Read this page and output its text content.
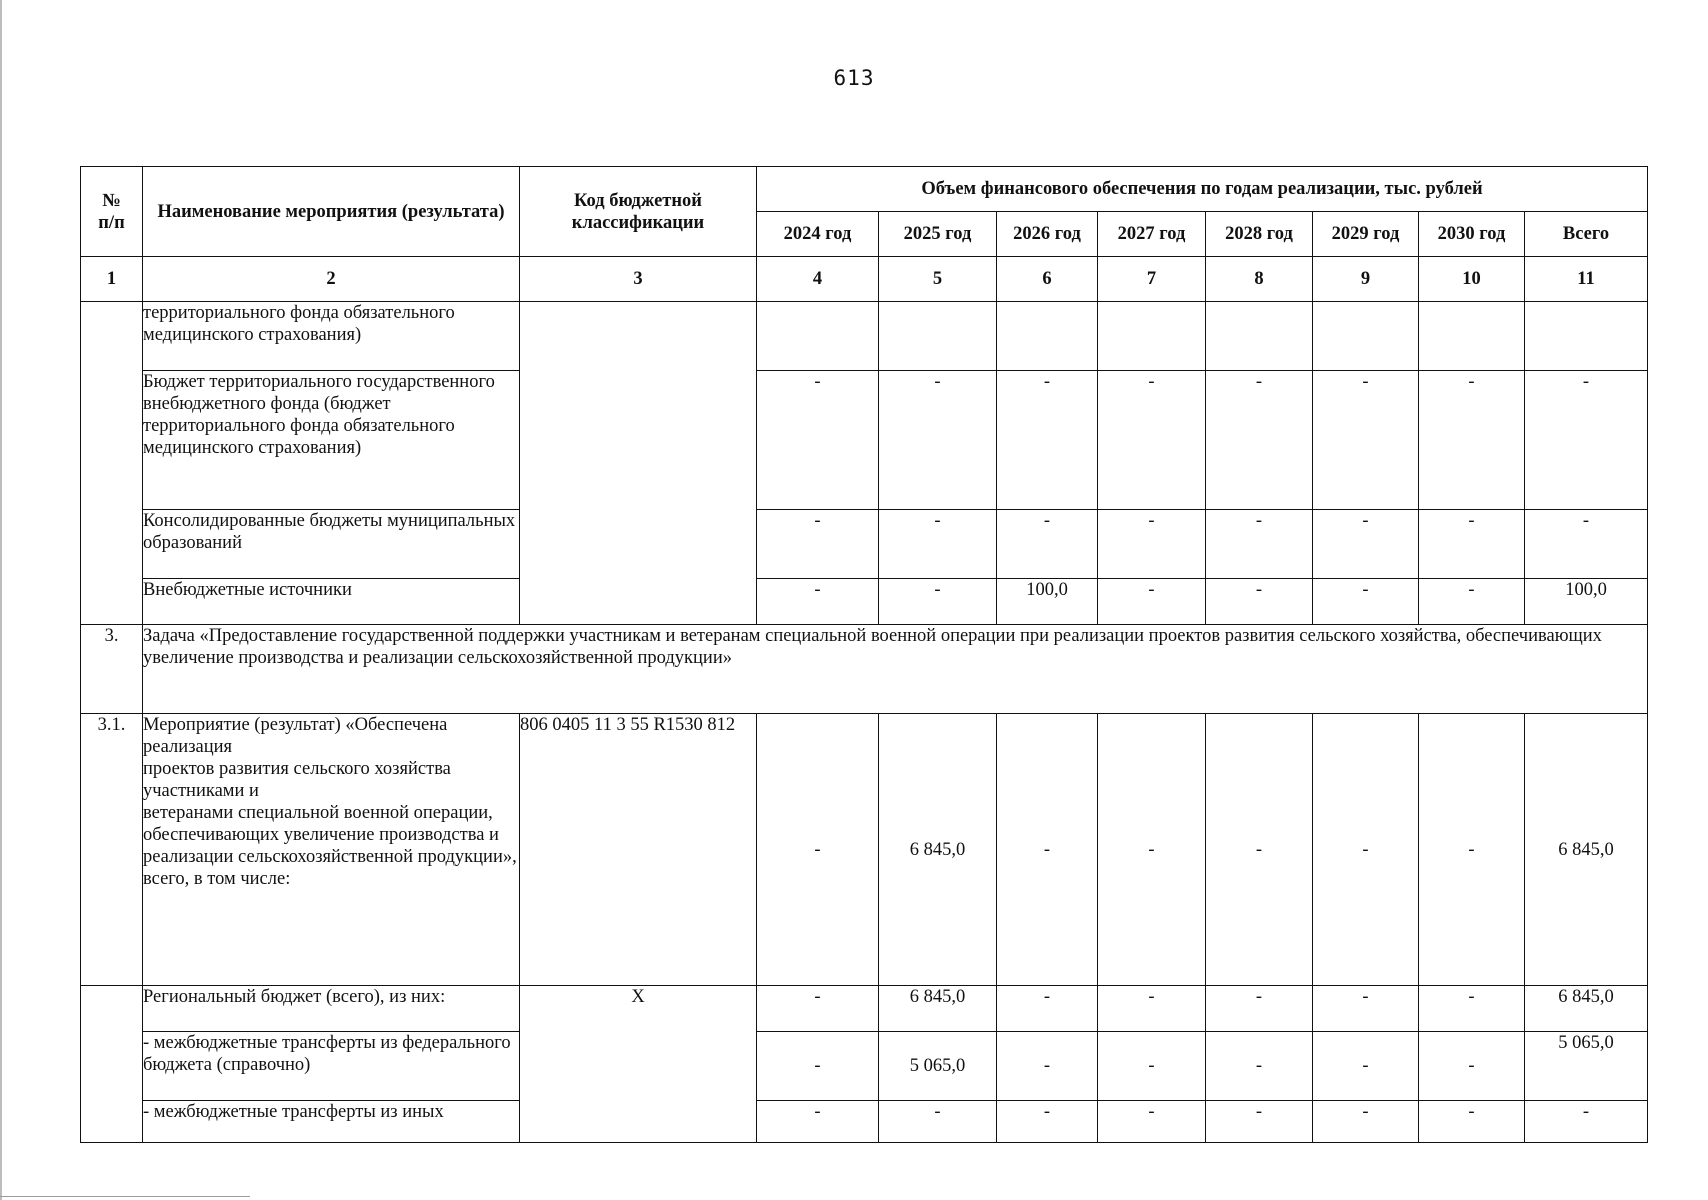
613
№
п/п	Наименование мероприятия (результата)	Код бюджетной классификации	Объем финансового обеспечения по годам реализации, тыс. рублей							
			2024 год	2025 год	2026 год	2027 год	2028 год	2029 год	2030 год	Всего
1	2	3	4	5	6	7	8	9	10	11
	территориального фонда обязательного медицинского страхования)									
	Бюджет территориального государственного внебюджетного фонда (бюджет территориального фонда обязательного медицинского страхования)		-	-	-	-	-	-	-	-
	Консолидированные бюджеты муниципальных образований		-	-	-	-	-	-	-	-
	Внебюджетные источники		-	-	100,0	-	-	-	-	100,0
3.	Задача «Предоставление государственной поддержки участникам и ветеранам специальной военной операции при реализации проектов развития сельского хозяйства, обеспечивающих увеличение производства и реализации сельскохозяйственной продукции»									
3.1.	Мероприятие (результат) «Обеспечена реализация
проектов развития сельского хозяйства участниками и
ветеранами специальной военной операции,
обеспечивающих увеличение производства и реализации сельскохозяйственной продукции»,
всего, в том числе:	806 0405 11 3 55 R1530 812	-	6 845,0	-	-	-	-	-	6 845,0
	Региональный бюджет (всего), из них:	X	-	6 845,0	-	-	-	-	-	6 845,0
	- межбюджетные трансферты из федерального бюджета (справочно)		-	5 065,0	-	-	-	-	-	5 065,0
	- межбюджетные трансферты из иных		-	-	-	-	-	-	-	-
